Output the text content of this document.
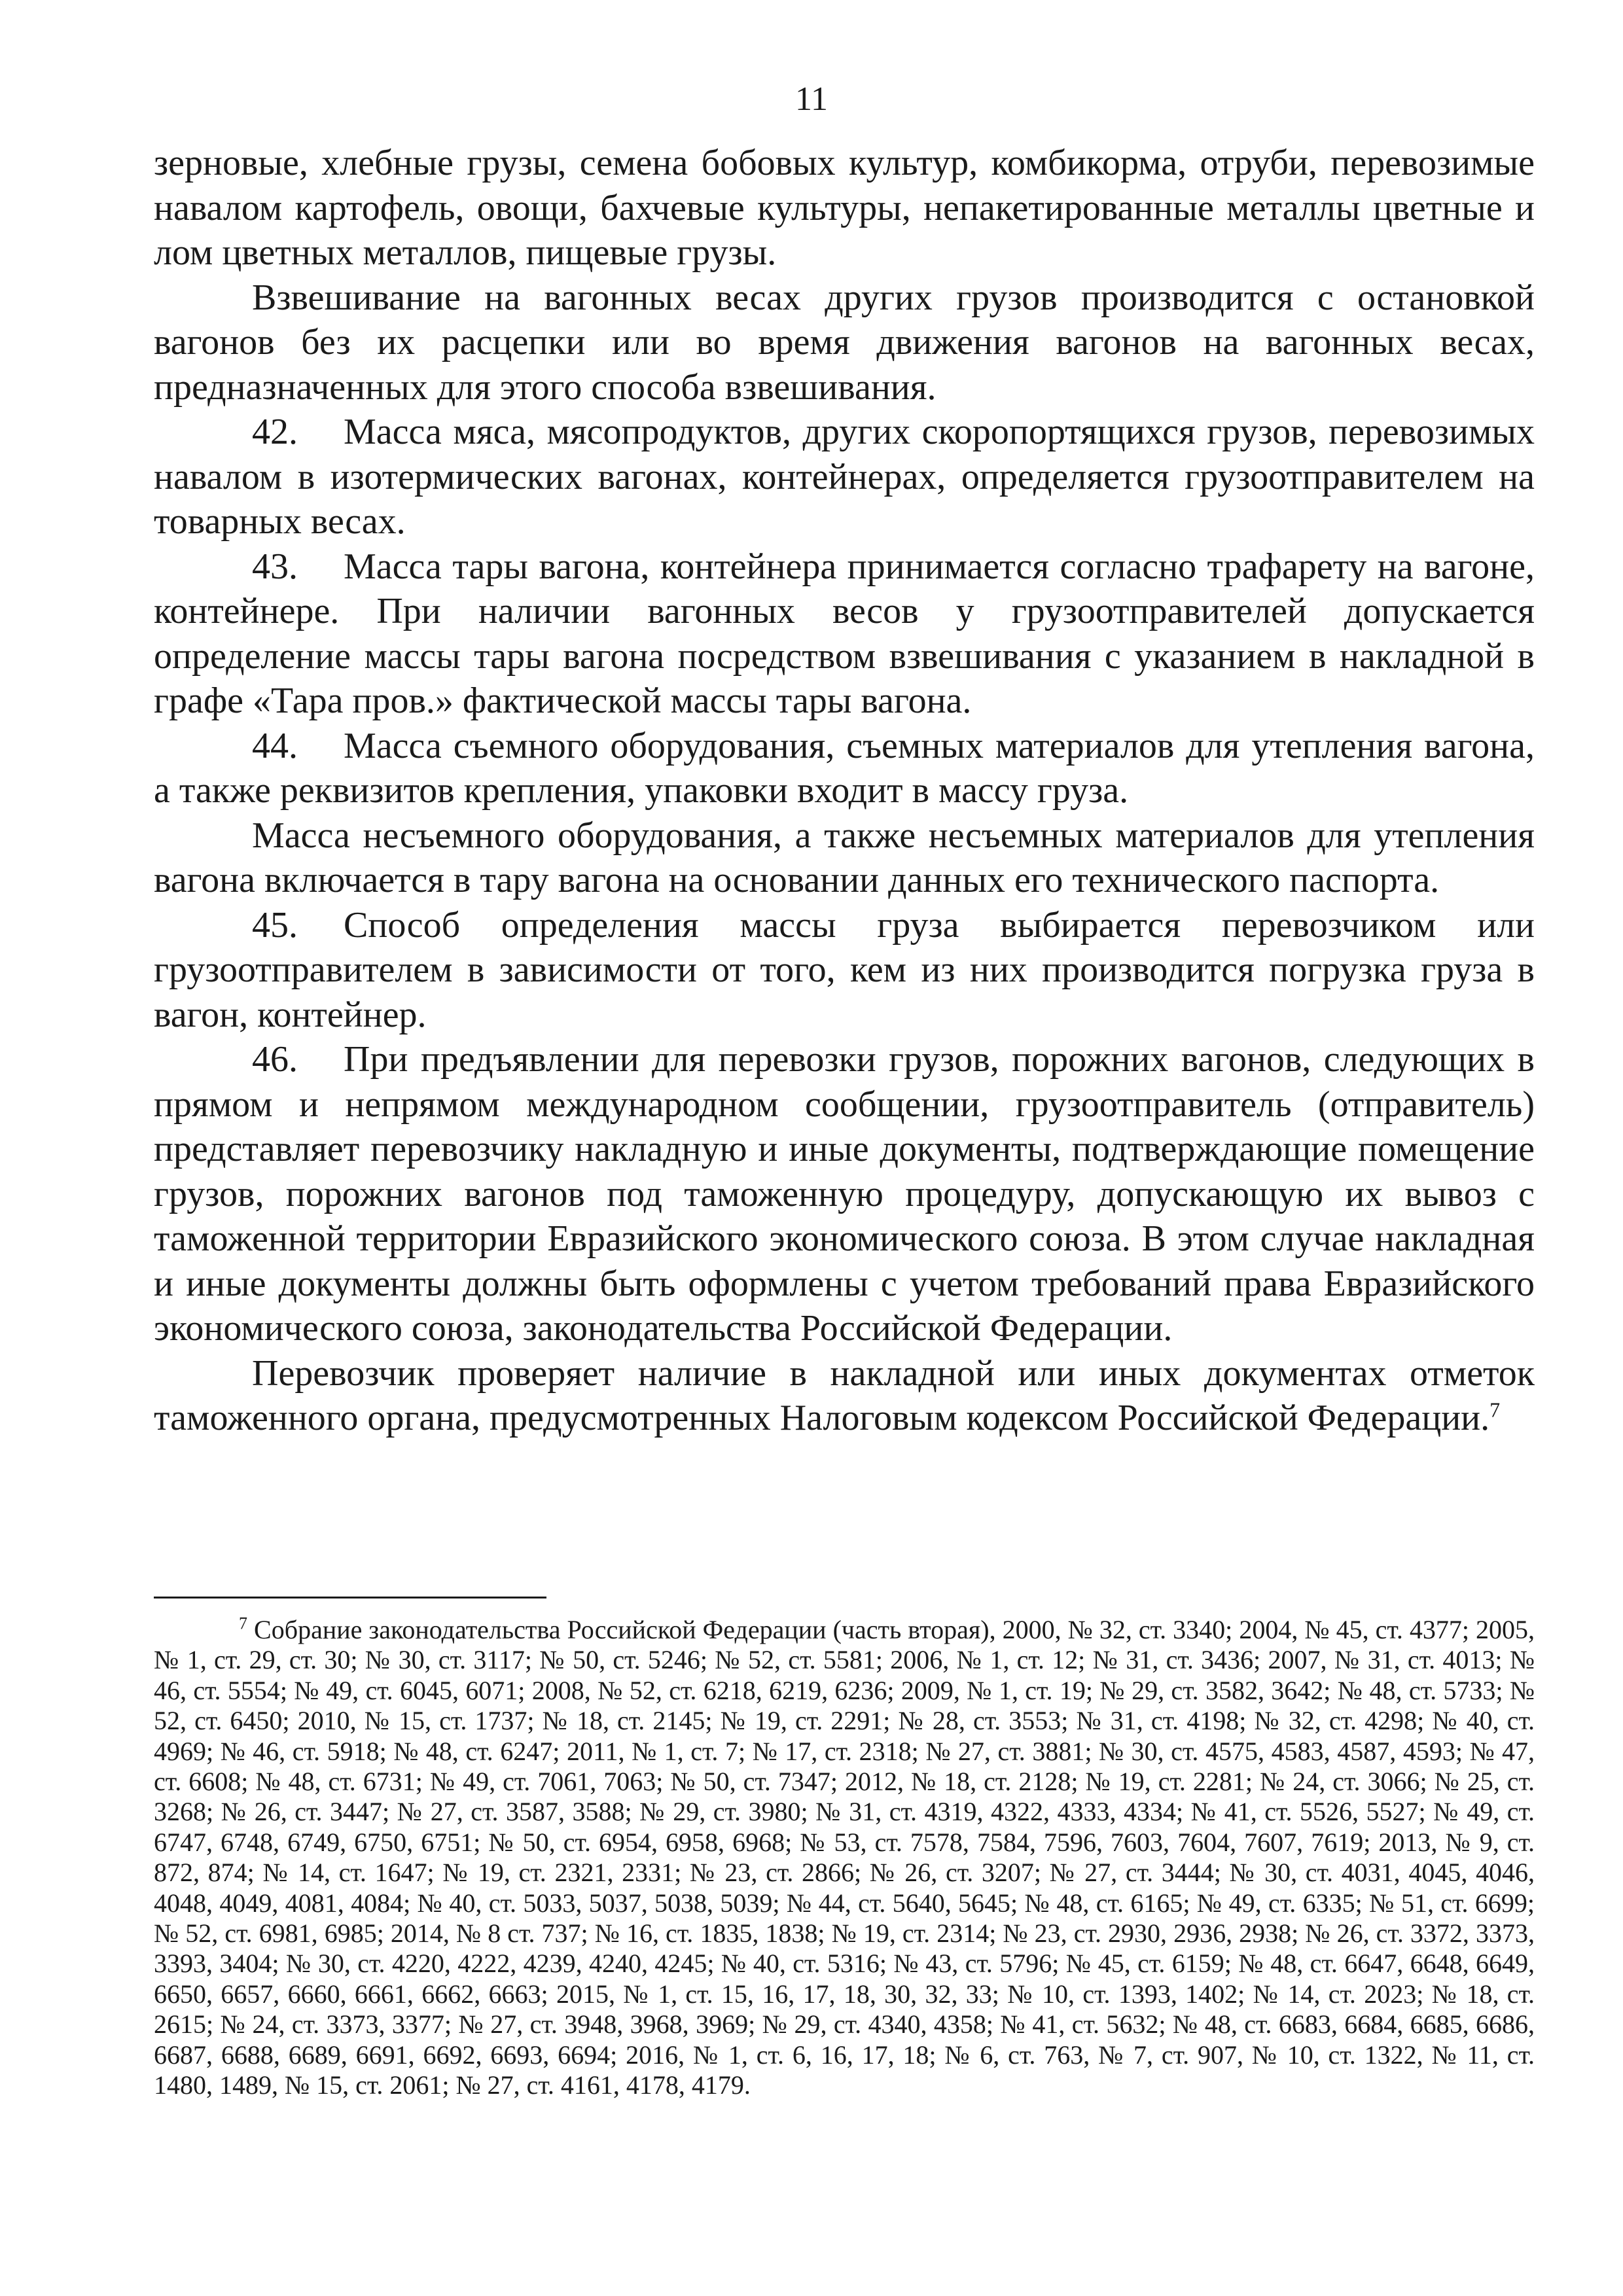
11

зерновые, хлебные грузы, семена бобовых культур, комбикорма, отруби, перевозимые навалом картофель, овощи, бахчевые культуры, непакетированные металлы цветные и лом цветных металлов, пищевые грузы.

Взвешивание на вагонных весах других грузов производится с остановкой вагонов без их расцепки или во время движения вагонов на вагонных весах, предназначенных для этого способа взвешивания.

42. Масса мяса, мясопродуктов, других скоропортящихся грузов, перевозимых навалом в изотермических вагонах, контейнерах, определяется грузоотправителем на товарных весах.

43. Масса тары вагона, контейнера принимается согласно трафарету на вагоне, контейнере. При наличии вагонных весов у грузоотправителей допускается определение массы тары вагона посредством взвешивания с указанием в накладной в графе «Тара пров.» фактической массы тары вагона.

44. Масса съемного оборудования, съемных материалов для утепления вагона, а также реквизитов крепления, упаковки входит в массу груза.

Масса несъемного оборудования, а также несъемных материалов для утепления вагона включается в тару вагона на основании данных его технического паспорта.

45. Способ определения массы груза выбирается перевозчиком или грузоотправителем в зависимости от того, кем из них производится погрузка груза в вагон, контейнер.

46. При предъявлении для перевозки грузов, порожних вагонов, следующих в прямом и непрямом международном сообщении, грузоотправитель (отправитель) представляет перевозчику накладную и иные документы, подтверждающие помещение грузов, порожних вагонов под таможенную процедуру, допускающую их вывоз с таможенной территории Евразийского экономического союза. В этом случае накладная и иные документы должны быть оформлены с учетом требований права Евразийского экономического союза, законодательства Российской Федерации.

Перевозчик проверяет наличие в накладной или иных документах отметок таможенного органа, предусмотренных Налоговым кодексом Российской Федерации.$^7$

$^7$ Собрание законодательства Российской Федерации (часть вторая), 2000, № 32, ст. 3340; 2004, № 45, ст. 4377; 2005, № 1, ст. 29, ст. 30; № 30, ст. 3117; № 50, ст. 5246; № 52, ст. 5581; 2006, № 1, ст. 12; № 31, ст. 3436; 2007, № 31, ст. 4013; № 46, ст. 5554; № 49, ст. 6045, 6071; 2008, № 52, ст. 6218, 6219, 6236; 2009, № 1, ст. 19; № 29, ст. 3582, 3642; № 48, ст. 5733; № 52, ст. 6450; 2010, № 15, ст. 1737; № 18, ст. 2145; № 19, ст. 2291; № 28, ст. 3553; № 31, ст. 4198; № 32, ст. 4298; № 40, ст. 4969; № 46, ст. 5918; № 48, ст. 6247; 2011, № 1, ст. 7; № 17, ст. 2318; № 27, ст. 3881; № 30, ст. 4575, 4583, 4587, 4593; № 47, ст. 6608; № 48, ст. 6731; № 49, ст. 7061, 7063; № 50, ст. 7347; 2012, № 18, ст. 2128; № 19, ст. 2281; № 24, ст. 3066; № 25, ст. 3268; № 26, ст. 3447; № 27, ст. 3587, 3588; № 29, ст. 3980; № 31, ст. 4319, 4322, 4333, 4334; № 41, ст. 5526, 5527; № 49, ст. 6747, 6748, 6749, 6750, 6751; № 50, ст. 6954, 6958, 6968; № 53, ст. 7578, 7584, 7596, 7603, 7604, 7607, 7619; 2013, № 9, ст. 872, 874; № 14, ст. 1647; № 19, ст. 2321, 2331; № 23, ст. 2866; № 26, ст. 3207; № 27, ст. 3444; № 30, ст. 4031, 4045, 4046, 4048, 4049, 4081, 4084; № 40, ст. 5033, 5037, 5038, 5039; № 44, ст. 5640, 5645; № 48, ст. 6165; № 49, ст. 6335; № 51, ст. 6699; № 52, ст. 6981, 6985; 2014, № 8 ст. 737; № 16, ст. 1835, 1838; № 19, ст. 2314; № 23, ст. 2930, 2936, 2938; № 26, ст. 3372, 3373, 3393, 3404; № 30, ст. 4220, 4222, 4239, 4240, 4245; № 40, ст. 5316; № 43, ст. 5796; № 45, ст. 6159; № 48, ст. 6647, 6648, 6649, 6650, 6657, 6660, 6661, 6662, 6663; 2015, № 1, ст. 15, 16, 17, 18, 30, 32, 33; № 10, ст. 1393, 1402; № 14, ст. 2023; № 18, ст. 2615; № 24, ст. 3373, 3377; № 27, ст. 3948, 3968, 3969; № 29, ст. 4340, 4358; № 41, ст. 5632; № 48, ст. 6683, 6684, 6685, 6686, 6687, 6688, 6689, 6691, 6692, 6693, 6694; 2016, № 1, ст. 6, 16, 17, 18; № 6, ст. 763, № 7, ст. 907, № 10, ст. 1322, № 11, ст. 1480, 1489, № 15, ст. 2061; № 27, ст. 4161, 4178, 4179.
